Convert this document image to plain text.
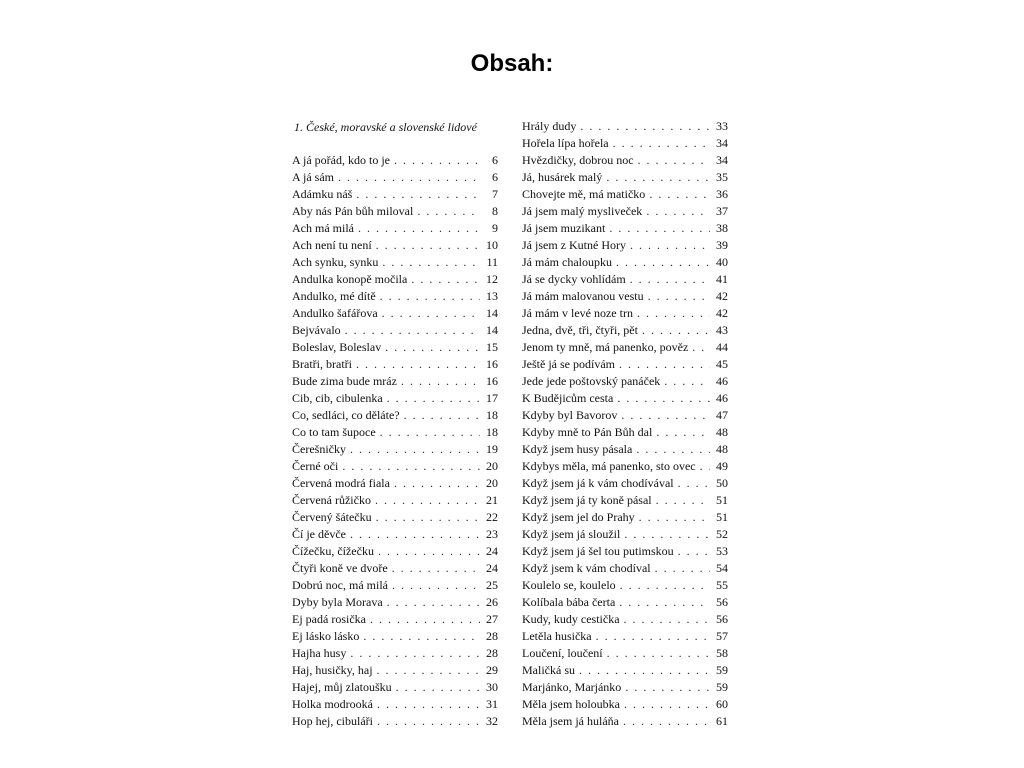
Obsah:
1. České, moravské a slovenské lidové
A já pořád, kdo to je . . .	6
A já sám . . .	6
Adámku náš . . .	7
Aby nás Pán bůh miloval . . .	8
Ach má milá . . .	9
Ach není tu není . . .	10
Ach synku, synku . . .	11
Andulka konopě močila . . .	12
Andulko, mé dítě . . .	13
Andulko šafářova . . .	14
Bejvávalo . . .	14
Boleslav, Boleslav . . .	15
Bratři, bratři . . .	16
Bude zima bude mráz . . .	16
Cib, cib, cibulenka . . .	17
Co, sedláci, co děláte? . . .	18
Co to tam šupoce . . .	18
Čerešničky . . .	19
Černé oči . . .	20
Červená modrá fiala . . .	20
Červená růžičko . . .	21
Červený šátečku . . .	22
Čí je děvče . . .	23
Čížečku, čížečku . . .	24
Čtyři koně ve dvoře . . .	24
Dobrú noc, má milá . . .	25
Dyby byla Morava . . .	26
Ej padá rosička . . .	27
Ej lásko lásko . . .	28
Hajha husy . . .	28
Haj, husičky, haj . . .	29
Hajej, můj zlatoušku . . .	30
Holka modrooká . . .	31
Hop hej, cibuláři . . .	32
Hrály dudy . . .	33
Hořela lípa hořela . . .	34
Hvězdičky, dobrou noc . . .	34
Já, husárek malý . . .	35
Chovejte mě, má matičko . . .	36
Já jsem malý mysliveček . . .	37
Já jsem muzikant . . .	38
Já jsem z Kutné Hory . . .	39
Já mám chaloupku . . .	40
Já se dycky vohlídám . . .	41
Já mám malovanou vestu . . .	42
Já mám v levé noze trn . . .	42
Jedna, dvě, tři, čtyři, pět . . .	43
Jenom ty mně, má panenko, pověz . . . 44
Ještě já se podívám . . .	45
Jede jede poštovský panáček . . .	46
K Budějicům cesta . . .	46
Kdyby byl Bavorov . . .	47
Kdyby mně to Pán Bůh dal . . .	48
Když jsem husy pásala . . .	48
Kdybys měla, má panenko, sto ovec . . . 49
Když jsem já k vám chodívával . . .	50
Když jsem já ty koně pásal . . .	51
Když jsem jel do Prahy . . .	51
Když jsem já sloužil . . .	52
Když jsem já šel tou putimskou . . .	53
Když jsem k vám chodíval . . .	54
Koulelo se, koulelo . . .	55
Kolíbala bába čerta . . .	56
Kudy, kudy cestička . . .	56
Letěla husička . . .	57
Loučení, loučení . . .	58
Maličká su . . .	59
Marjánko, Marjánko . . .	59
Měla jsem holoubka . . .	60
Měla jsem já huláňa . . .	61
